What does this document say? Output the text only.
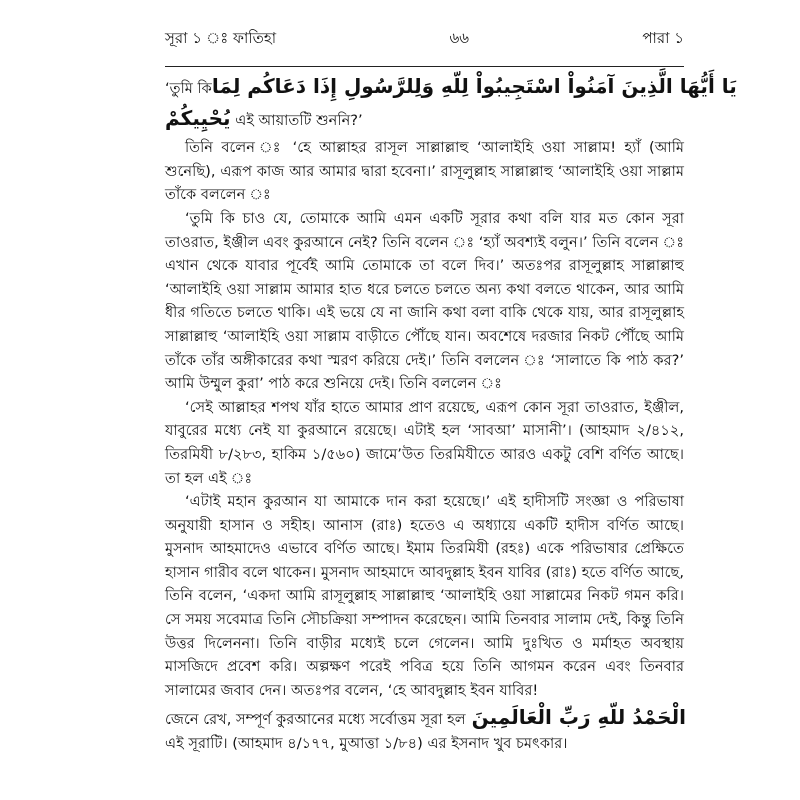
সূরা ১ ঃ ফাতিহা	৬৬	পারা ১
‘তুমি কি يَا أَيُّهَا الَّذِينَ آمَنُواْ اسْتَجِيبُواْ لِلّهِ وَلِلرَّسُولِ إِذَا دَعَاكُم لِمَا
يُحْيِيكُمْ এই আয়াতটি শুননি?’

তিনি বলেন ঃ ‘হে আল্লাহর রাসূল সাল্লাল্লাহু ‘আলাইহি ওয়া সাল্লাম! হ্যাঁ (আমি শুনেছি), এরূপ কাজ আর আমার দ্বারা হবেনা।’ রাসূলুল্লাহ সাল্লাল্লাহু ‘আলাইহি ওয়া সাল্লাম তাঁকে বললেন ঃ

‘তুমি কি চাও যে, তোমাকে আমি এমন একটি সূরার কথা বলি যার মত কোন সূরা তাওরাত, ইঞ্জীল এবং কুরআনে নেই? তিনি বলেন ঃ ‘হ্যাঁ অবশ্যই বলুন।’ তিনি বলেন ঃ এখান থেকে যাবার পূর্বেই আমি তোমাকে তা বলে দিব।’ অতঃপর রাসূলুল্লাহ সাল্লাল্লাহু ‘আলাইহি ওয়া সাল্লাম আমার হাত ধরে চলতে চলতে অন্য কথা বলতে থাকেন, আর আমি ধীর গতিতে চলতে থাকি। এই ভয়ে যে না জানি কথা বলা বাকি থেকে যায়, আর রাসূলুল্লাহ সাল্লাল্লাহু ‘আলাইহি ওয়া সাল্লাম বাড়ীতে পৌঁছে যান। অবশেষে দরজার নিকট পৌঁছে আমি তাঁকে তাঁর অঙ্গীকারের কথা স্মরণ করিয়ে দেই।’ তিনি বললেন ঃ ‘সালাতে কি পাঠ কর?’ আমি উম্মুল কুরা’ পাঠ করে শুনিয়ে দেই। তিনি বললেন ঃ

‘সেই আল্লাহর শপথ যাঁর হাতে আমার প্রাণ রয়েছে, এরূপ কোন সূরা তাওরাত, ইঞ্জীল, যাবুরের মধ্যে নেই যা কুরআনে রয়েছে। এটাই হল ‘সাবআ’ মাসানী’। (আহমাদ ২/৪১২, তিরমিযী ৮/২৮৩, হাকিম ১/৫৬০) জামে’উত তিরমিযীতে আরও একটু বেশি বর্ণিত আছে। তা হল এই ঃ

‘এটাই মহান কুরআন যা আমাকে দান করা হয়েছে।’ এই হাদীসটি সংজ্ঞা ও পরিভাষা অনুযায়ী হাসান ও সহীহ। আনাস (রাঃ) হতেও এ অধ্যায়ে একটি হাদীস বর্ণিত আছে। মুসনাদ আহমাদেও এভাবে বর্ণিত আছে। ইমাম তিরমিযী (রহঃ) একে পরিভাষার প্রেক্ষিতে হাসান গারীব বলে থাকেন। মুসনাদ আহমাদে আবদুল্লাহ ইবন যাবির (রাঃ) হতে বর্ণিত আছে, তিনি বলেন, ‘একদা আমি রাসূলুল্লাহ সাল্লাল্লাহু ‘আলাইহি ওয়া সাল্লামের নিকট গমন করি। সে সময় সবেমাত্র তিনি সৌচক্রিয়া সম্পাদন করেছেন। আমি তিনবার সালাম দেই, কিন্তু তিনি উত্তর দিলেননা। তিনি বাড়ীর মধ্যেই চলে গেলেন। আমি দুঃখিত ও মর্মাহত অবস্থায় মাসজিদে প্রবেশ করি। অল্পক্ষণ পরেই পবিত্র হয়ে তিনি আগমন করেন এবং তিনবার সালামের জবাব দেন। অতঃপর বলেন, ‘হে আবদুল্লাহ ইবন যাবির!

জেনে রেখ, সম্পূর্ণ কুরআনের মধ্যে সর্বোত্তম সূরা হল الْحَمْدُ للّهِ رَبِّ الْعَالَمِينَ

এই সূরাটি। (আহমাদ ৪/১৭৭, মুআত্তা ১/৮৪) এর ইসনাদ খুব চমৎকার।
